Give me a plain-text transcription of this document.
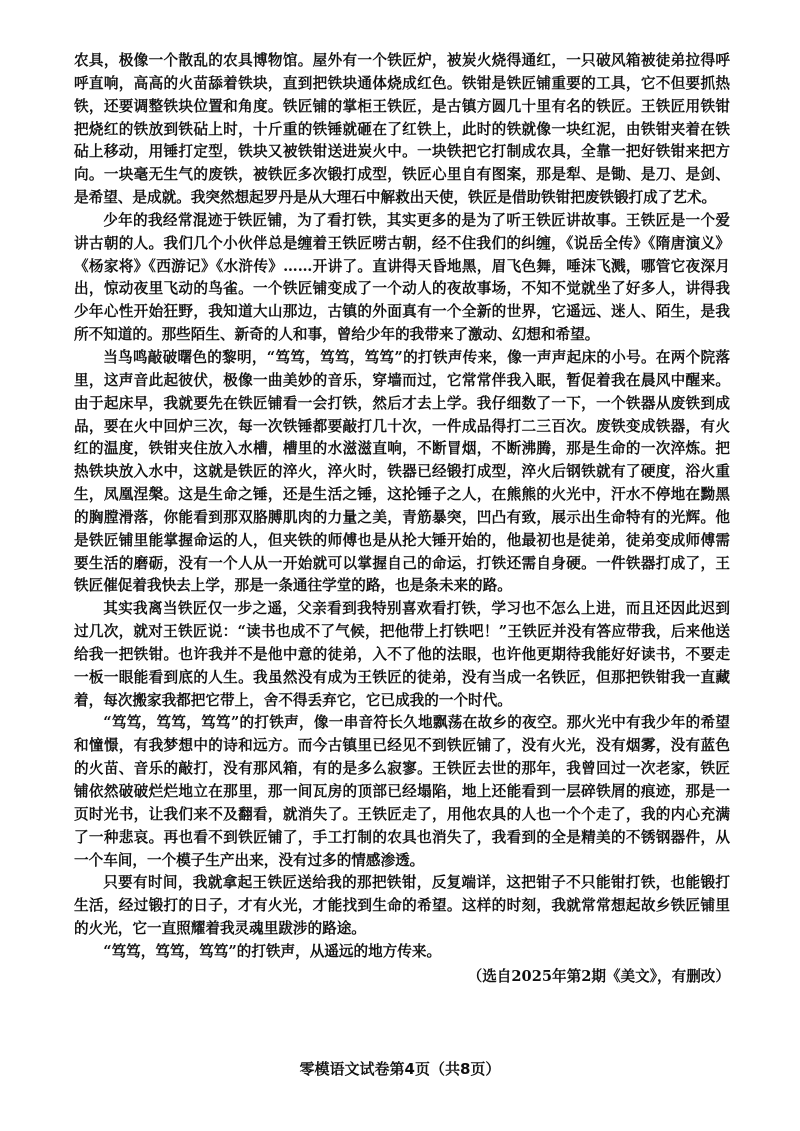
农具，极像一个散乱的农具博物馆。屋外有一个铁匠炉，被炭火烧得通红，一只破风箱被徒弟拉得呼呼直响，高高的火苗舔着铁块，直到把铁块通体烧成红色。铁钳是铁匠铺重要的工具，它不但要抓热铁，还要调整铁块位置和角度。铁匠铺的掌柜王铁匠，是古镇方圆几十里有名的铁匠。王铁匠用铁钳把烧红的铁放到铁砧上时，十斤重的铁锤就砸在了红铁上，此时的铁就像一块红泥，由铁钳夹着在铁砧上移动，用锤打定型，铁块又被铁钳送进炭火中。一块铁把它打制成农具，全靠一把好铁钳来把方向。一块毫无生气的废铁，被铁匠多次锻打成型，铁匠心里自有图案，那是犁、是锄、是刀、是剑、是希望、是成就。我突然想起罗丹是从大理石中解救出天使，铁匠是借助铁钳把废铁锻打成了艺术。

少年的我经常混迹于铁匠铺，为了看打铁，其实更多的是为了听王铁匠讲故事。王铁匠是一个爱讲古朝的人。我们几个小伙伴总是缠着王铁匠唠古朝，经不住我们的纠缠，《说岳全传》《隋唐演义》《杨家将》《西游记》《水浒传》……开讲了。直讲得天昏地黑，眉飞色舞，唾沫飞溅，哪管它夜深月出，惊动夜里飞动的鸟雀。一个铁匠铺变成了一个动人的夜故事场，不知不觉就坐了好多人，讲得我少年心性开始狂野，我知道大山那边，古镇的外面真有一个全新的世界，它遥远、迷人、陌生，是我所不知道的。那些陌生、新奇的人和事，曾给少年的我带来了激动、幻想和希望。

当鸟鸣敲破曙色的黎明，“笃笃，笃笃，笃笃”的打铁声传来，像一声声起床的小号。在两个院落里，这声音此起彼伏，极像一曲美妙的音乐，穿墙而过，它常常伴我入眠，暂促着我在晨风中醒来。由于起床早，我就要先在铁匠铺看一会打铁，然后才去上学。我仔细数了一下，一个铁器从废铁到成品，要在火中回炉三次，每一次铁锤都要敲打几十次，一件成品得打二三百次。废铁变成铁器，有火红的温度，铁钳夹住放入水槽，槽里的水滋滋直响，不断冒烟，不断沸腾，那是生命的一次淬炼。把热铁块放入水中，这就是铁匠的淬火，淬火时，铁器已经锻打成型，淬火后钢铁就有了硬度，浴火重生，凤凰涅槃。这是生命之锤，还是生活之锤，这抡锤子之人，在熊熊的火光中，汗水不停地在黝黑的胸膛滑落，你能看到那双胳膊肌肉的力量之美，青筋暴突，凹凸有致，展示出生命特有的光辉。他是铁匠铺里能掌握命运的人，但夹铁的师傅也是从抡大锤开始的，他最初也是徒弟，徒弟变成师傅需要生活的磨砺，没有一个人从一开始就可以掌握自己的命运，打铁还需自身硬。一件铁器打成了，王铁匠催促着我快去上学，那是一条通往学堂的路，也是条未来的路。

其实我离当铁匠仅一步之遥，父亲看到我特别喜欢看打铁，学习也不怎么上进，而且还因此迟到过几次，就对王铁匠说：“读书也成不了气候，把他带上打铁吧！”王铁匠并没有答应带我，后来他送给我一把铁钳。也许我并不是他中意的徒弟，入不了他的法眼，也许他更期待我能好好读书，不要走一板一眼能看到底的人生。我虽然没有成为王铁匠的徒弟，没有当成一名铁匠，但那把铁钳我一直藏着，每次搬家我都把它带上，舍不得丢弃它，它已成我的一个时代。

“笃笃，笃笃，笃笃”的打铁声，像一串音符长久地飘荡在故乡的夜空。那火光中有我少年的希望和憧憬，有我梦想中的诗和远方。而今古镇里已经见不到铁匠铺了，没有火光，没有烟雾，没有蓝色的火苗、音乐的敲打，没有那风箱，有的是多么寂寥。王铁匠去世的那年，我曾回过一次老家，铁匠铺依然破破烂烂地立在那里，那一间瓦房的顶部已经塌陷，地上还能看到一层碎铁屑的痕迹，那是一页时光书，让我们来不及翻看，就消失了。王铁匠走了，用他农具的人也一个个走了，我的内心充满了一种悲哀。再也看不到铁匠铺了，手工打制的农具也消失了，我看到的全是精美的不锈钢器件，从一个车间，一个模子生产出来，没有过多的情感渗透。

只要有时间，我就拿起王铁匠送给我的那把铁钳，反复端详，这把钳子不只能钳打铁，也能锻打生活，经过锻打的日子，才有火光，才能找到生命的希望。这样的时刻，我就常常想起故乡铁匠铺里的火光，它一直照耀着我灵魂里跋涉的路途。

“笃笃，笃笃，笃笃”的打铁声，从遥远的地方传来。

（选自2025年第2期《美文》，有删改）

零模语文试卷第4页（共8页）
